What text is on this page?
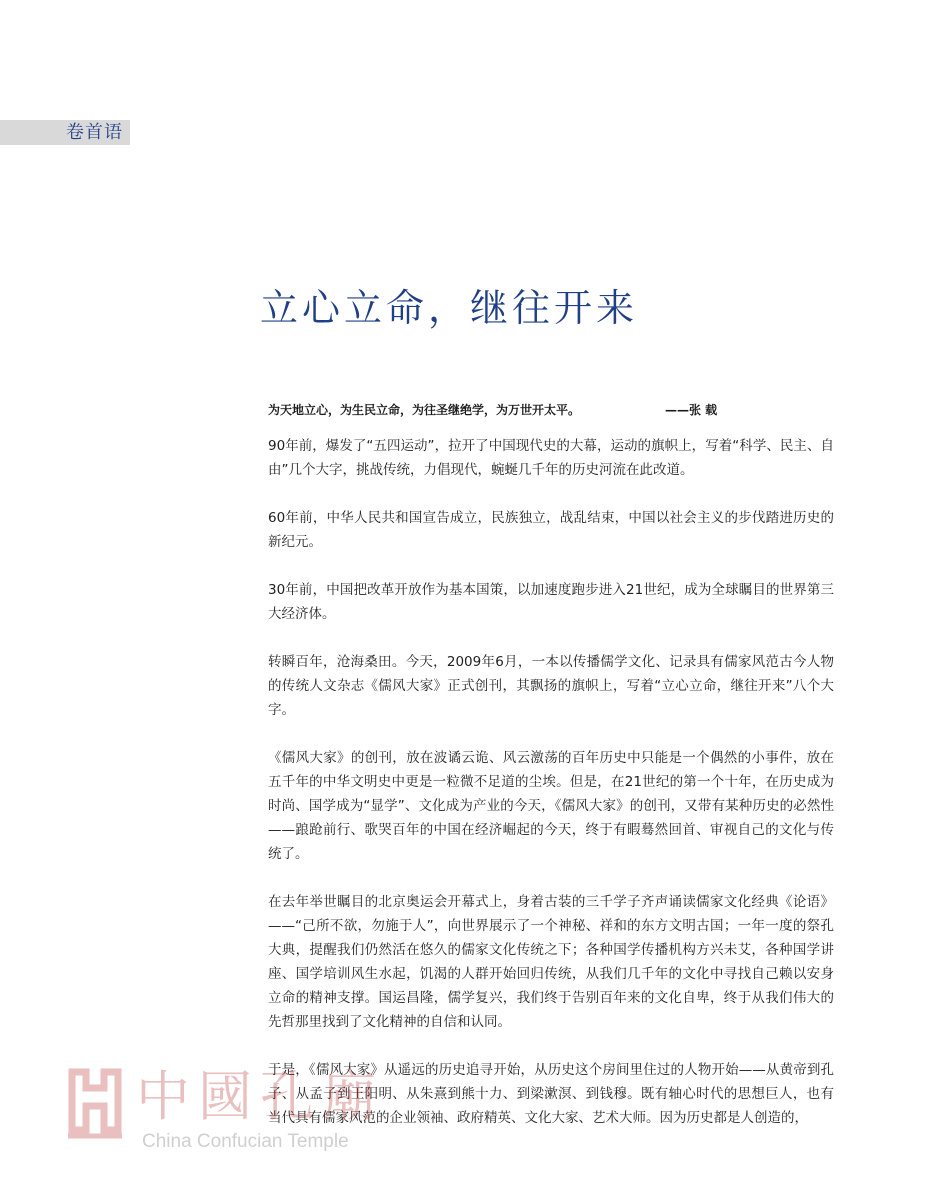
卷首语
立心立命，继往开来
为天地立心，为生民立命，为往圣继绝学，为万世开太平。	——张 载

90年前，爆发了“五四运动”，拉开了中国现代史的大幕，运动的旗帜上，写着“科学、民主、自由”几个大字，挑战传统，力倡现代，蜿蜒几千年的历史河流在此改道。

60年前，中华人民共和国宣告成立，民族独立，战乱结束，中国以社会主义的步伐踏进历史的新纪元。

30年前，中国把改革开放作为基本国策，以加速度跑步进入21世纪，成为全球瞩目的世界第三大经济体。

转瞬百年，沧海桑田。今天，2009年6月，一本以传播儒学文化、记录具有儒家风范古今人物的传统人文杂志《儒风大家》正式创刊，其飘扬的旗帜上，写着“立心立命，继往开来”八个大字。

《儒风大家》的创刊，放在波谲云诡、风云激荡的百年历史中只能是一个偶然的小事件，放在五千年的中华文明史中更是一粒微不足道的尘埃。但是，在21世纪的第一个十年，在历史成为时尚、国学成为“显学”、文化成为产业的今天，《儒风大家》的创刊，又带有某种历史的必然性——踉跄前行、歌哭百年的中国在经济崛起的今天，终于有暇蓦然回首、审视自己的文化与传统了。

在去年举世瞩目的北京奥运会开幕式上，身着古装的三千学子齐声诵读儒家文化经典《论语》——“己所不欲，勿施于人”，向世界展示了一个神秘、祥和的东方文明古国；一年一度的祭孔大典，提醒我们仍然活在悠久的儒家文化传统之下；各种国学传播机构方兴未艾，各种国学讲座、国学培训风生水起，饥渴的人群开始回归传统，从我们几千年的文化中寻找自己赖以安身立命的精神支撑。国运昌隆，儒学复兴，我们终于告别百年来的文化自卑，终于从我们伟大的先哲那里找到了文化精神的自信和认同。

于是，《儒风大家》从遥远的历史追寻开始，从历史这个房间里住过的人物开始——从黄帝到孔子、从孟子到王阳明、从朱熹到熊十力、到梁漱溟、到钱穆。既有轴心时代的思想巨人，也有当代具有儒家风范的企业领袖、政府精英、文化大家、艺术大师。因为历史都是人创造的，

中國孔廟
China Confucian Temple
